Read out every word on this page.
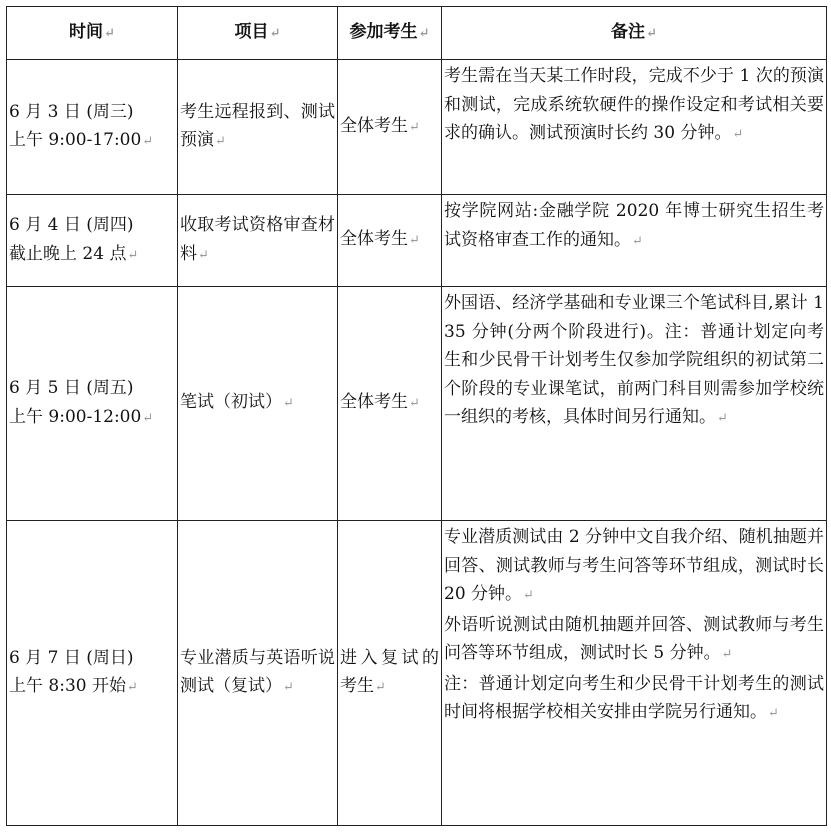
时间↵	项目↵	参加考生↵	备注↵

6 月 3 日 (周三)
上午 9:00-17:00↵	考生远程报到、测试预演↵	全体考生↵	考生需在当天某工作时段，完成不少于 1 次的预演和测试，完成系统软硬件的操作设定和考试相关要求的确认。测试预演时长约 30 分钟。↵

6 月 4 日 (周四)
截止晚上 24 点↵	收取考试资格审查材料↵	全体考生↵	按学院网站:金融学院 2020 年博士研究生招生考试资格审查工作的通知。↵

6 月 5 日 (周五)
上午 9:00-12:00↵	笔试（初试）↵	全体考生↵	外国语、经济学基础和专业课三个笔试科目,累计 135 分钟(分两个阶段进行)。注：普通计划定向考生和少民骨干计划考生仅参加学院组织的初试第二个阶段的专业课笔试，前两门科目则需参加学校统一组织的考核，具体时间另行通知。↵

6 月 7 日 (周日)
上午 8:30 开始↵	专业潜质与英语听说测试（复试）↵	进入复试的考生↵	专业潜质测试由 2 分钟中文自我介绍、随机抽题并回答、测试教师与考生问答等环节组成，测试时长 20 分钟。↵
外语听说测试由随机抽题并回答、测试教师与考生问答等环节组成，测试时长 5 分钟。↵
注：普通计划定向考生和少民骨干计划考生的测试时间将根据学校相关安排由学院另行通知。↵
